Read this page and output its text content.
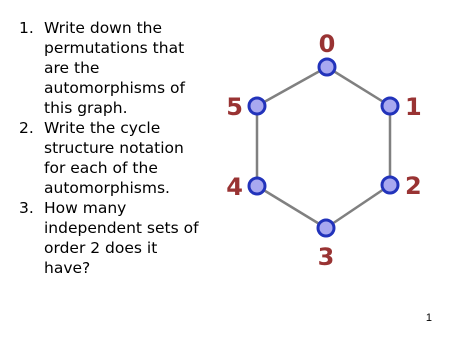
1. Write down the permutations that are the automorphisms of this graph.
2. Write the cycle structure notation for each of the automorphisms.
3. How many independent sets of order 2 does it have?
0
1
2
3
4
5
1
